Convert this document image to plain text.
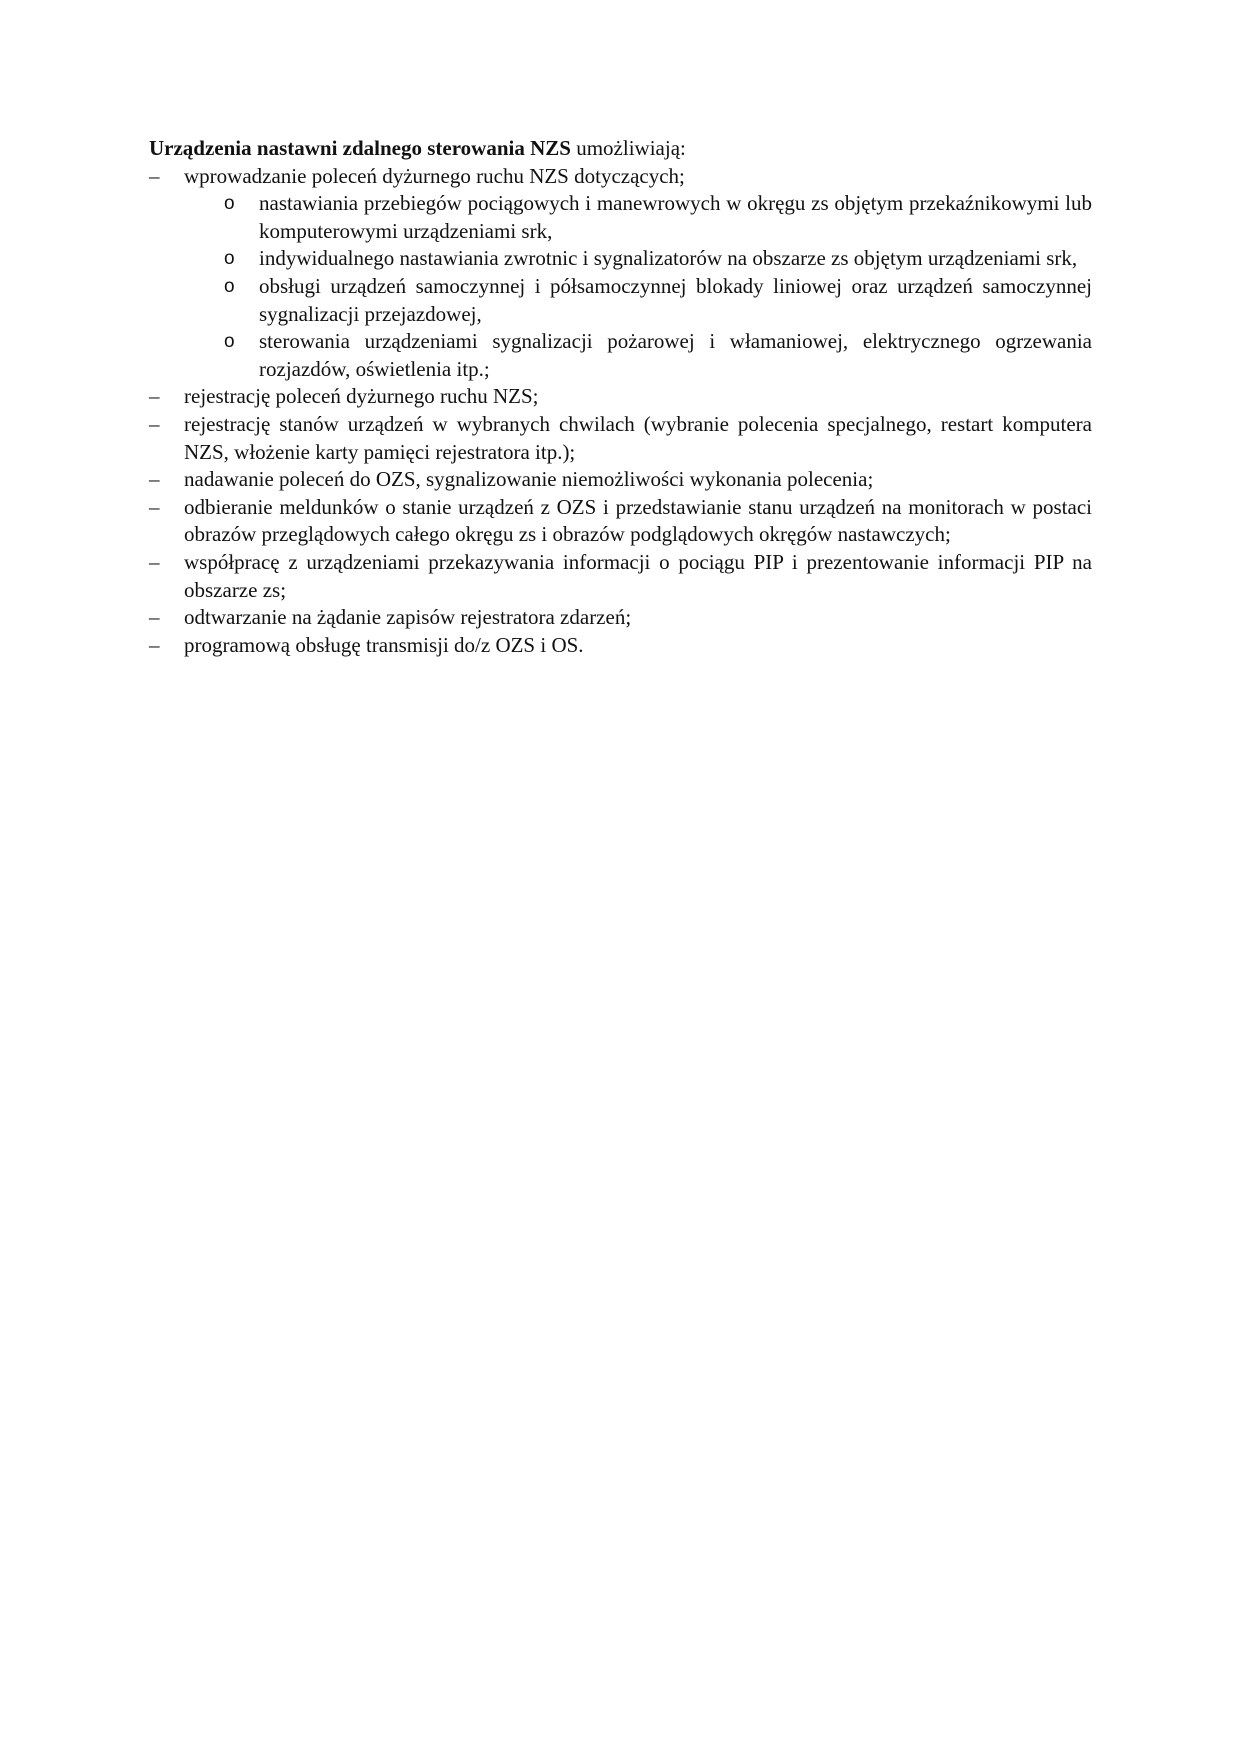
Urządzenia nastawni zdalnego sterowania NZS umożliwiają:

–	wprowadzanie poleceń dyżurnego ruchu NZS dotyczących;
o nastawiania przebiegów pociągowych i manewrowych w okręgu zs objętym przekaźnikowymi lub komputerowymi urządzeniami srk,
o indywidualnego nastawiania zwrotnic i sygnalizatorów na obszarze zs objętym urządzeniami srk,
o obsługi urządzeń samoczynnej i półsamoczynnej blokady liniowej oraz urządzeń samoczynnej sygnalizacji przejazdowej,
o sterowania urządzeniami sygnalizacji pożarowej i włamaniowej, elektrycznego ogrzewania rozjazdów, oświetlenia itp.;
–	rejestrację poleceń dyżurnego ruchu NZS;
–	rejestrację stanów urządzeń w wybranych chwilach (wybranie polecenia specjalnego, restart komputera NZS, włożenie karty pamięci rejestratora itp.);
–	nadawanie poleceń do OZS, sygnalizowanie niemożliwości wykonania polecenia;
–	odbieranie meldunków o stanie urządzeń z OZS i przedstawianie stanu urządzeń na monitorach w postaci obrazów przeglądowych całego okręgu zs i obrazów podglądowych okręgów nastawczych;
–	współpracę z urządzeniami przekazywania informacji o pociągu PIP i prezentowanie informacji PIP na obszarze zs;
–	odtwarzanie na żądanie zapisów rejestratora zdarzeń;
–	programową obsługę transmisji do/z OZS i OS.
